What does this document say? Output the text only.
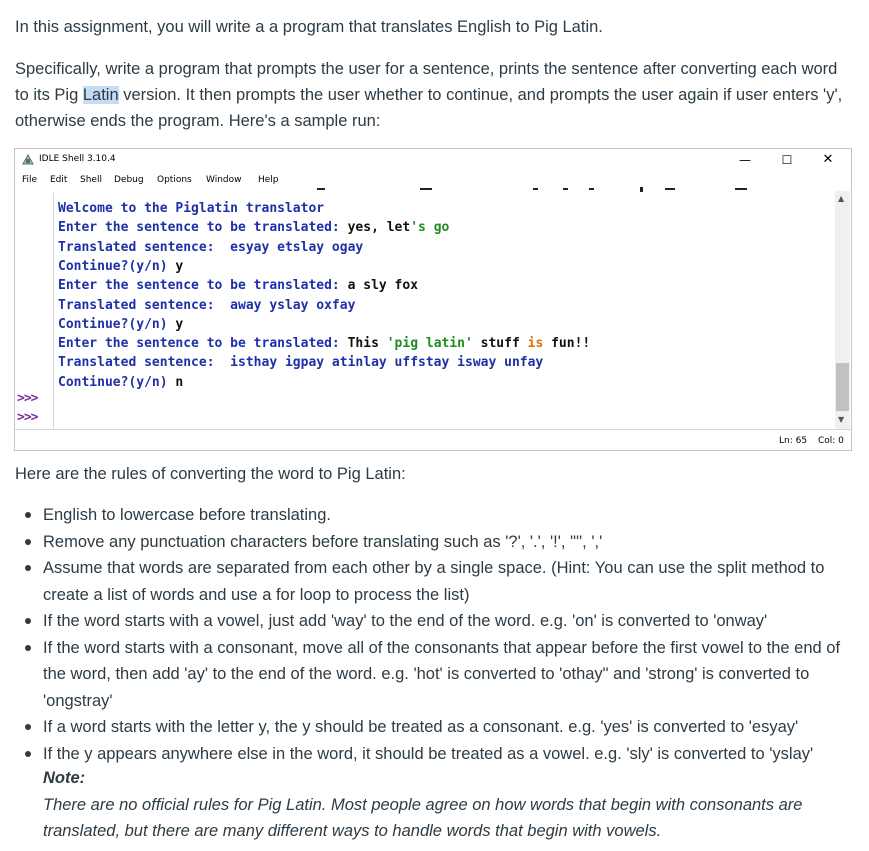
In this assignment, you will write a a program that translates English to Pig Latin.

Specifically, write a program that prompts the user for a sentence, prints the sentence after converting each word to its Pig Latin version. It then prompts the user whether to continue, and prompts the user again if user enters 'y', otherwise ends the program. Here's a sample run:

IDLE Shell 3.10.4	—	☐	✕
File Edit Shell Debug Options Window Help
>>>
>>>
Welcome to the Piglatin translator
Enter the sentence to be translated: yes, let's go
Translated sentence:  esyay etslay ogay
Continue?(y/n) y
Enter the sentence to be translated: a sly fox
Translated sentence:  away yslay oxfay
Continue?(y/n) y
Enter the sentence to be translated: This 'pig latin' stuff is fun!!
Translated sentence:  isthay igpay atinlay uffstay isway unfay
Continue?(y/n) n
▲
▼
Ln: 65 Col: 0
Here are the rules of converting the word to Pig Latin:
English to lowercase before translating.
Remove any punctuation characters before translating such as '?', '.', '!', '"', ','
Assume that words are separated from each other by a single space. (Hint: You can use the split method to create a list of words and use a for loop to process the list)
If the word starts with a vowel, just add 'way' to the end of the word. e.g. 'on' is converted to 'onway'
If the word starts with a consonant, move all of the consonants that appear before the first vowel to the end of the word, then add 'ay' to the end of the word. e.g. 'hot' is converted to 'othay" and 'strong' is converted to 'ongstray'
If a word starts with the letter y, the y should be treated as a consonant. e.g. 'yes' is converted to 'esyay'
If the y appears anywhere else in the word, it should be treated as a vowel. e.g. 'sly' is converted to 'yslay'
Note:

There are no official rules for Pig Latin. Most people agree on how words that begin with consonants are translated, but there are many different ways to handle words that begin with vowels.
